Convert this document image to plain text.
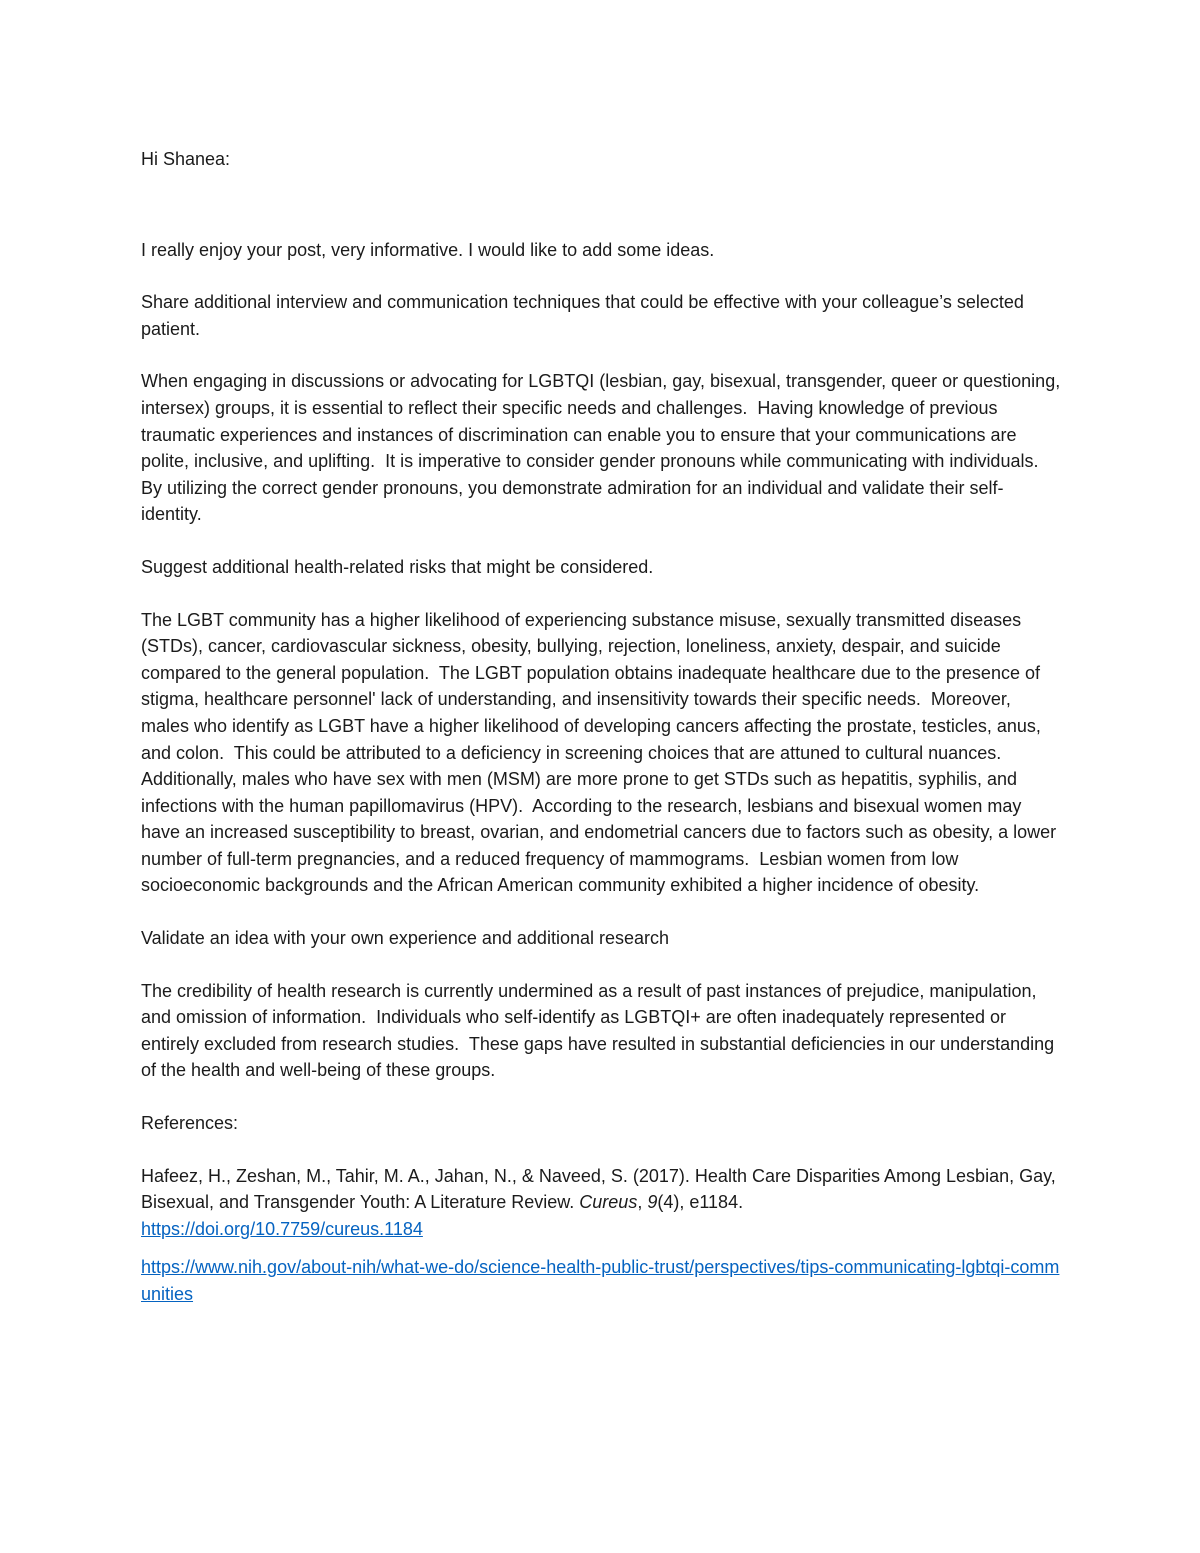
Hi Shanea:

I really enjoy your post, very informative. I would like to add some ideas.

Share additional interview and communication techniques that could be effective with your colleague’s selected patient.

When engaging in discussions or advocating for LGBTQI (lesbian, gay, bisexual, transgender, queer or questioning, intersex) groups, it is essential to reflect their specific needs and challenges.  Having knowledge of previous traumatic experiences and instances of discrimination can enable you to ensure that your communications are polite, inclusive, and uplifting.  It is imperative to consider gender pronouns while communicating with individuals.  By utilizing the correct gender pronouns, you demonstrate admiration for an individual and validate their self-identity.

Suggest additional health-related risks that might be considered.

The LGBT community has a higher likelihood of experiencing substance misuse, sexually transmitted diseases (STDs), cancer, cardiovascular sickness, obesity, bullying, rejection, loneliness, anxiety, despair, and suicide compared to the general population.  The LGBT population obtains inadequate healthcare due to the presence of stigma, healthcare personnel' lack of understanding, and insensitivity towards their specific needs.  Moreover, males who identify as LGBT have a higher likelihood of developing cancers affecting the prostate, testicles, anus, and colon.  This could be attributed to a deficiency in screening choices that are attuned to cultural nuances. Additionally, males who have sex with men (MSM) are more prone to get STDs such as hepatitis, syphilis, and infections with the human papillomavirus (HPV).  According to the research, lesbians and bisexual women may have an increased susceptibility to breast, ovarian, and endometrial cancers due to factors such as obesity, a lower number of full-term pregnancies, and a reduced frequency of mammograms.  Lesbian women from low socioeconomic backgrounds and the African American community exhibited a higher incidence of obesity.

Validate an idea with your own experience and additional research

The credibility of health research is currently undermined as a result of past instances of prejudice, manipulation, and omission of information.  Individuals who self-identify as LGBTQI+ are often inadequately represented or entirely excluded from research studies.  These gaps have resulted in substantial deficiencies in our understanding of the health and well-being of these groups.

References:

Hafeez, H., Zeshan, M., Tahir, M. A., Jahan, N., & Naveed, S. (2017). Health Care Disparities Among Lesbian, Gay, Bisexual, and Transgender Youth: A Literature Review. Cureus, 9(4), e1184.
https://doi.org/10.7759/cureus.1184

https://www.nih.gov/about-nih/what-we-do/science-health-public-trust/perspectives/tips-communicating-lgbtqi-communities
